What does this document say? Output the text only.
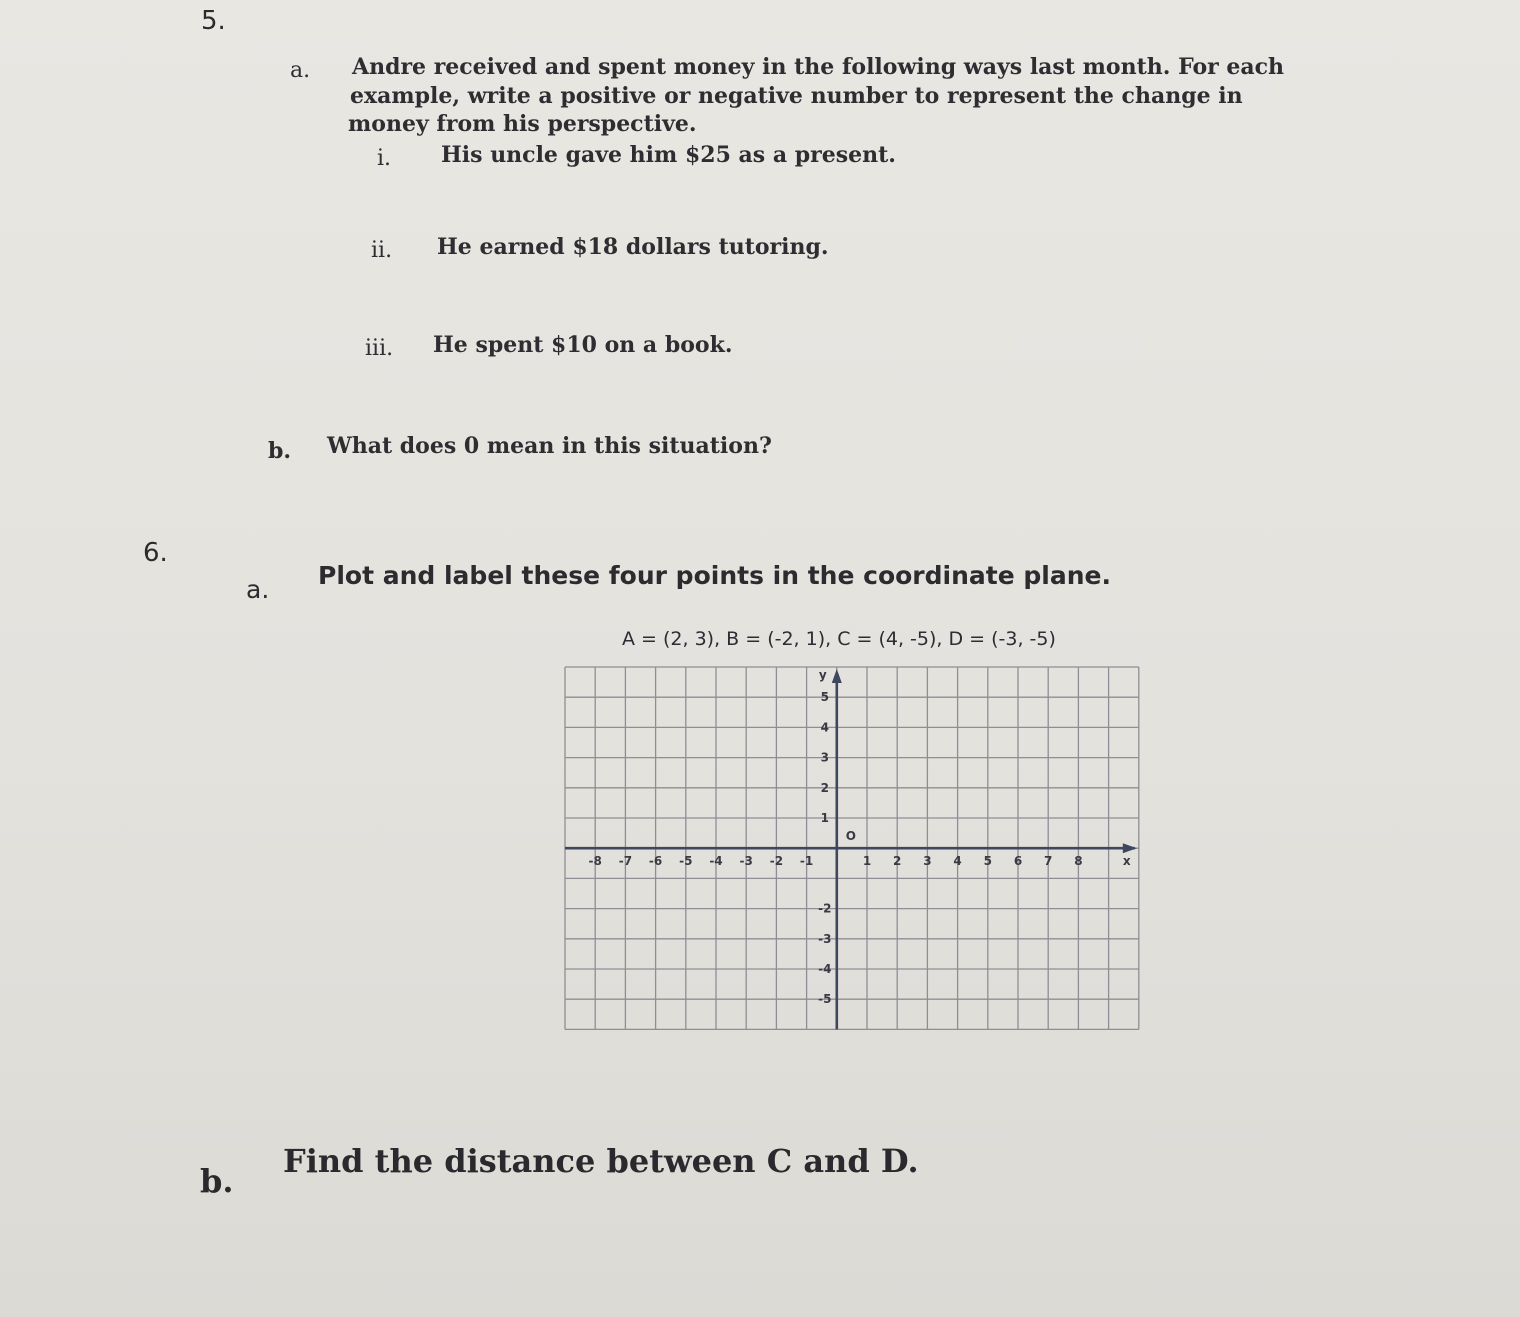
5.
a. Andre received and spent money in the following ways last month. For each
example, write a positive or negative number to represent the change in
money from his perspective.
i. His uncle gave him $25 as a present.
ii. He earned $18 dollars tutoring.
iii. He spent $10 on a book.
b. What does 0 mean in this situation?
6.
a. Plot and label these four points in the coordinate plane.
A = (2, 3), B = (-2, 1), C = (4, -5), D = (-3, -5)
-8 -7 -6 -5 -4 -3 -2 -1	1 2 3 4 5 6 7 8
5
4
3
2
1
-2
-3
-4
-5
x
y
O
b.
Find the distance between C and D.
